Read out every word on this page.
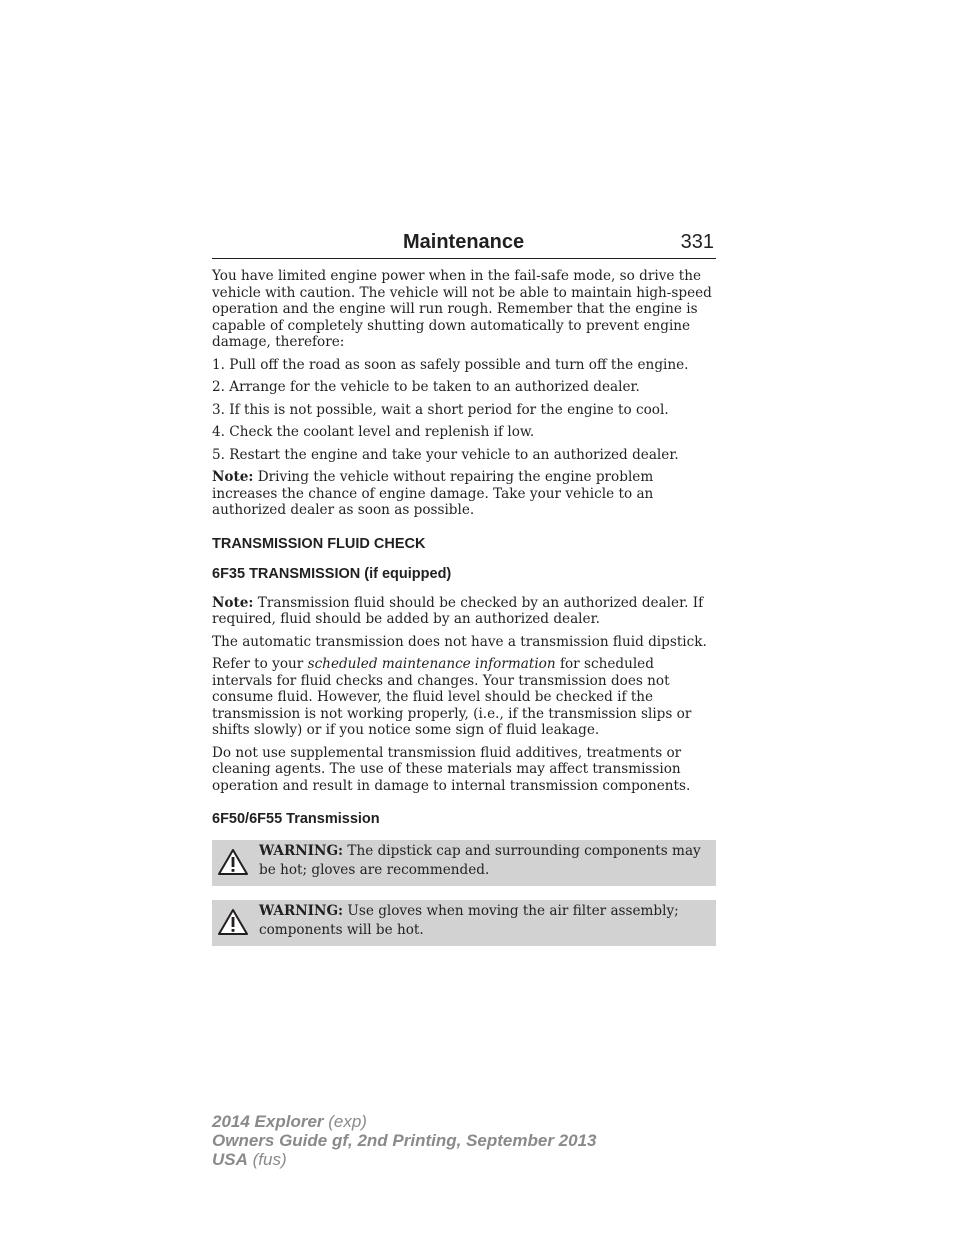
Maintenance	331

You have limited engine power when in the fail-safe mode, so drive the vehicle with caution. The vehicle will not be able to maintain high-speed operation and the engine will run rough. Remember that the engine is capable of completely shutting down automatically to prevent engine damage, therefore:

1. Pull off the road as soon as safely possible and turn off the engine.
2. Arrange for the vehicle to be taken to an authorized dealer.
3. If this is not possible, wait a short period for the engine to cool.
4. Check the coolant level and replenish if low.
5. Restart the engine and take your vehicle to an authorized dealer.

Note: Driving the vehicle without repairing the engine problem increases the chance of engine damage. Take your vehicle to an authorized dealer as soon as possible.

TRANSMISSION FLUID CHECK
6F35 TRANSMISSION (if equipped)

Note: Transmission fluid should be checked by an authorized dealer. If required, fluid should be added by an authorized dealer.

The automatic transmission does not have a transmission fluid dipstick.

Refer to your scheduled maintenance information for scheduled intervals for fluid checks and changes. Your transmission does not consume fluid. However, the fluid level should be checked if the transmission is not working properly, (i.e., if the transmission slips or shifts slowly) or if you notice some sign of fluid leakage.

Do not use supplemental transmission fluid additives, treatments or cleaning agents. The use of these materials may affect transmission operation and result in damage to internal transmission components.

6F50/6F55 Transmission
WARNING: The dipstick cap and surrounding components may be hot; gloves are recommended.
WARNING: Use gloves when moving the air filter assembly; components will be hot.
2014 Explorer (exp)
Owners Guide gf, 2nd Printing, September 2013
USA (fus)
